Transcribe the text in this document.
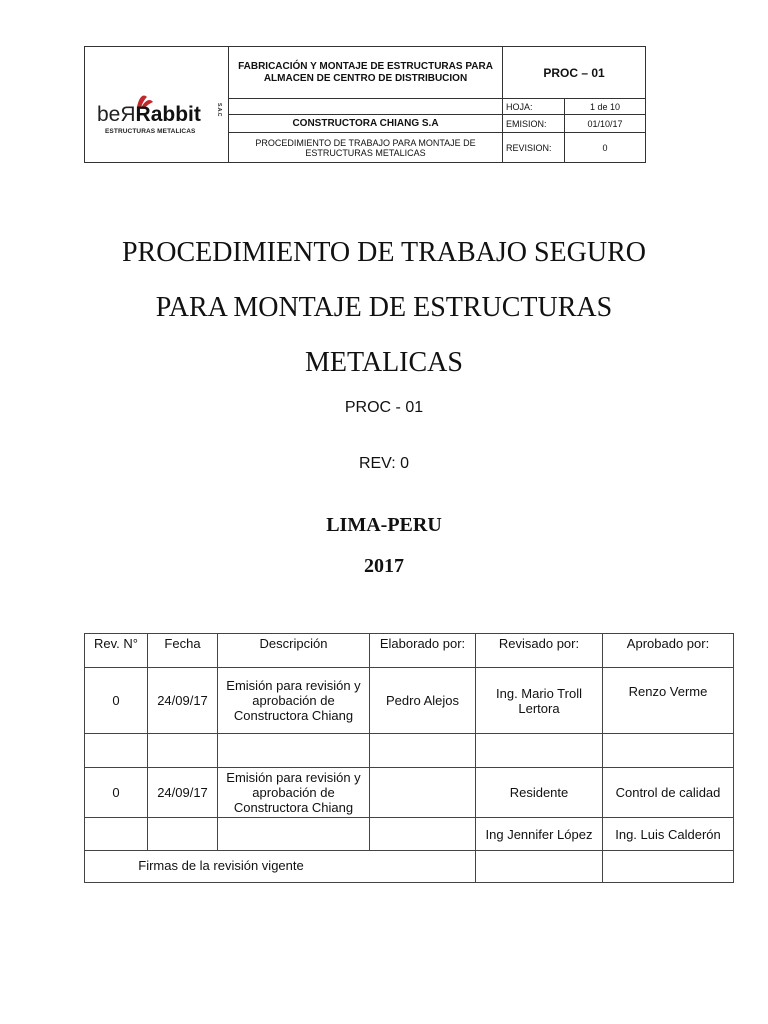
beЯRabbit	S.A.C
ESTRUCTURAS METALICAS
FABRICACIÓN Y MONTAJE DE ESTRUCTURAS PARA ALMACEN DE CENTRO DE DISTRIBUCION	PROC – 01
HOJA:	1 de 10
CONSTRUCTORA CHIANG S.A	EMISION:	01/10/17
PROCEDIMIENTO DE TRABAJO PARA MONTAJE DE ESTRUCTURAS METALICAS	REVISION:	0
PROCEDIMIENTO DE TRABAJO SEGURO
PARA MONTAJE DE ESTRUCTURAS
METALICAS
PROC - 01
REV: 0
LIMA-PERU
2017
Rev. N°	Fecha	Descripción	Elaborado por:	Revisado por:	Aprobado por:
0	24/09/17	Emisión para revisión y aprobación de Constructora Chiang	Pedro Alejos	Ing. Mario Troll Lertora	Renzo Verme

0	24/09/17	Emisión para revisión y aprobación de Constructora Chiang		Residente	Control de calidad
				Ing Jennifer López	Ing. Luis Calderón
Firmas de la revisión vigente					
